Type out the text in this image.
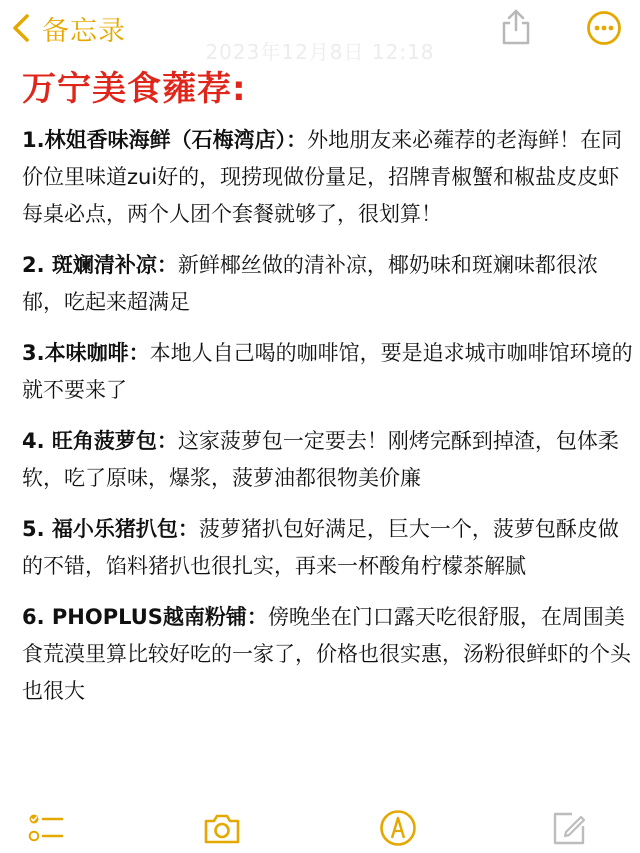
备忘录
2023年12月8日 12:18
万宁美食蕹荐:
1.林姐香味海鲜（石梅湾店）：外地朋友来必蕹荐的老海鲜！在同价位里味道zui好的，现捞现做份量足，招牌青椒蟹和椒盐皮皮虾每桌必点，两个人团个套餐就够了，很划算！
2. 斑斓清补凉：新鲜椰丝做的清补凉，椰奶味和斑斓味都很浓郁，吃起来超满足
3.本味咖啡：本地人自己喝的咖啡馆，要是追求城市咖啡馆环境的就不要来了
4. 旺角菠萝包：这家菠萝包一定要去！刚烤完酥到掉渣，包体柔软，吃了原味，爆浆，菠萝油都很物美价廉
5. 福小乐猪扒包：菠萝猪扒包好满足，巨大一个，菠萝包酥皮做的不错，馅料猪扒也很扎实，再来一杯酸角柠檬茶解腻
6. PHOPLUS越南粉铺：傍晚坐在门口露天吃很舒服，在周围美食荒漠里算比较好吃的一家了，价格也很实惠，汤粉很鲜虾的个头也很大
